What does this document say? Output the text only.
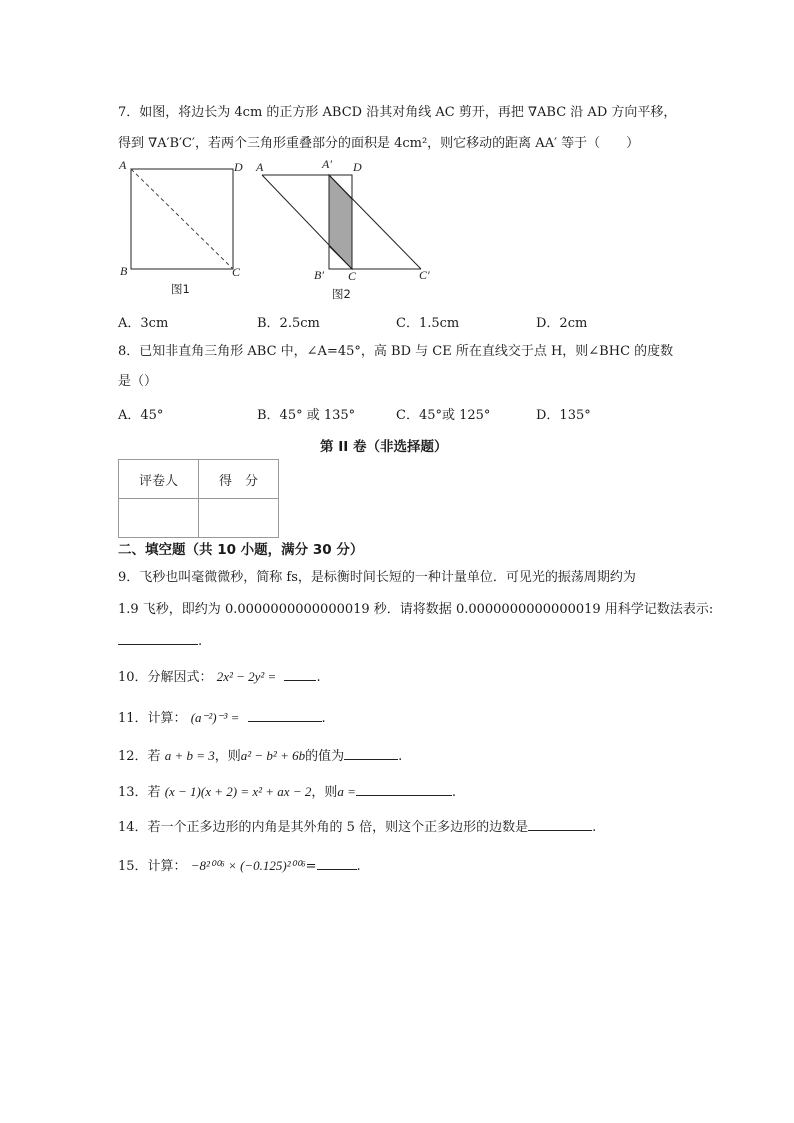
7．如图，将边长为 4cm 的正方形 ABCD 沿其对角线 AC 剪开，再把 ∇ABC 沿 AD 方向平移，
得到 ∇A′B′C′，若两个三角形重叠部分的面积是 4cm²，则它移动的距离 AA′ 等于（　　）
A	D
B	C
图1
A	A′ D
B′ C	C′
图2
A．3cm	B．2.5cm	C．1.5cm	D．2cm
8．已知非直角三角形 ABC 中，∠A=45°，高 BD 与 CE 所在直线交于点 H，则∠BHC 的度数
是（）
A．45°	B．45° 或 135°	C．45°或 125°	D．135°
第 II 卷（非选择题）
评卷人	得　分

二、填空题（共 10 小题，满分 30 分）
9．飞秒也叫毫微微秒，简称 fs，是标衡时间长短的一种计量单位．可见光的振荡周期约为
1.9 飞秒，即约为 0.0000000000000019 秒．请将数据 0.0000000000000019 用科学记数法表示:
.
10．分解因式： 2x² − 2y² =	.
11．计算： (a⁻²)⁻³ =	.
12．若 a + b = 3，则a² − b² + 6b的值为	.
13．若 (x − 1)(x + 2) = x² + ax − 2，则a =	.
14．若一个正多边形的内角是其外角的 5 倍，则这个正多边形的边数是	.
15．计算： −8²⁰⁰⁶ × (−0.125)²⁰⁰⁶=	.
